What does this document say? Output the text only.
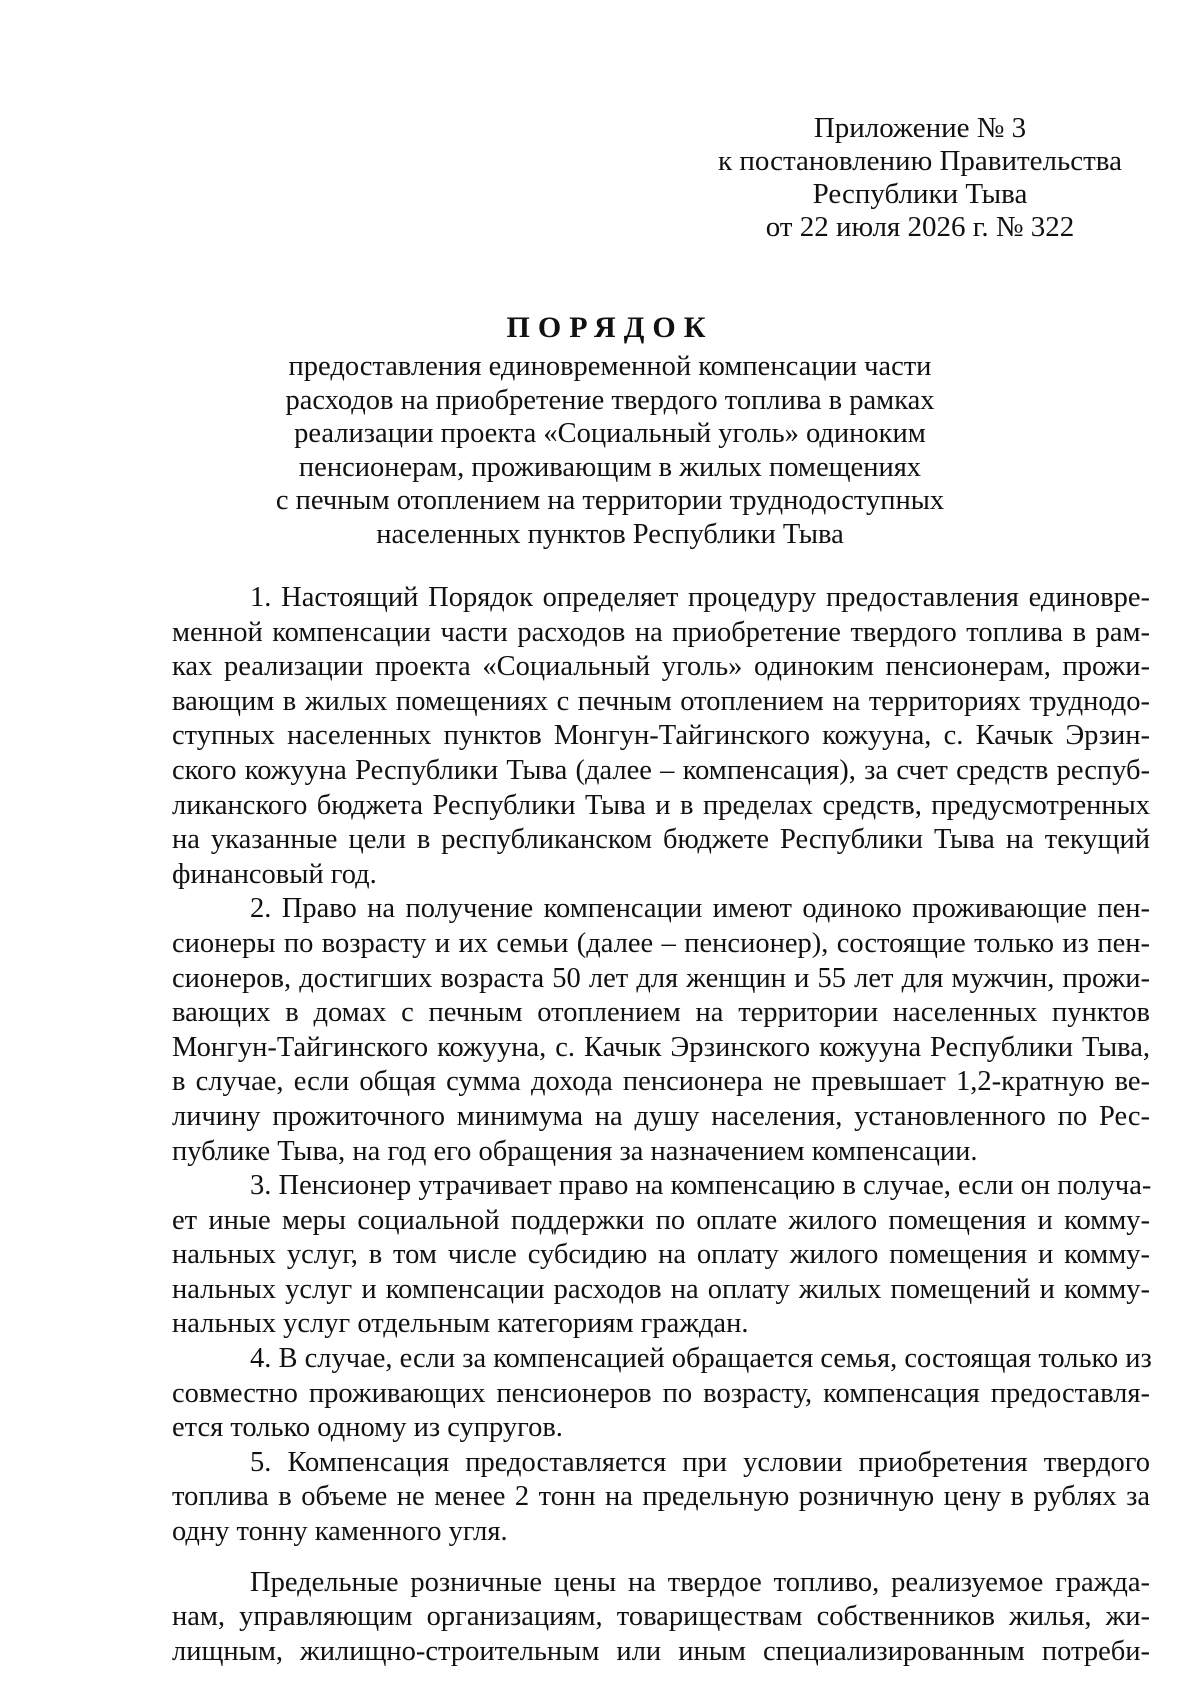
Приложение № 3
к постановлению Правительства
Республики Тыва
от 22 июля 2026 г. № 322
ПОРЯДОК
предоставления единовременной компенсации части
расходов на приобретение твердого топлива в рамках
реализации проекта «Социальный уголь» одиноким
пенсионерам, проживающим в жилых помещениях
с печным отоплением на территории труднодоступных
населенных пунктов Республики Тыва
1. Настоящий Порядок определяет процедуру предоставления единовре-
менной компенсации части расходов на приобретение твердого топлива в рам-
ках реализации проекта «Социальный уголь» одиноким пенсионерам, прожи-
вающим в жилых помещениях с печным отоплением на территориях труднодо-
ступных населенных пунктов Монгун-Тайгинского кожууна, с. Качык Эрзин-
ского кожууна Республики Тыва (далее – компенсация), за счет средств респуб-
ликанского бюджета Республики Тыва и в пределах средств, предусмотренных
на указанные цели в республиканском бюджете Республики Тыва на текущий
финансовый год.
2. Право на получение компенсации имеют одиноко проживающие пен-
сионеры по возрасту и их семьи (далее – пенсионер), состоящие только из пен-
сионеров, достигших возраста 50 лет для женщин и 55 лет для мужчин, прожи-
вающих в домах с печным отоплением на территории населенных пунктов
Монгун-Тайгинского кожууна, с. Качык Эрзинского кожууна Республики Тыва,
в случае, если общая сумма дохода пенсионера не превышает 1,2-кратную ве-
личину прожиточного минимума на душу населения, установленного по Рес-
публике Тыва, на год его обращения за назначением компенсации.
3. Пенсионер утрачивает право на компенсацию в случае, если он получа-
ет иные меры социальной поддержки по оплате жилого помещения и комму-
нальных услуг, в том числе субсидию на оплату жилого помещения и комму-
нальных услуг и компенсации расходов на оплату жилых помещений и комму-
нальных услуг отдельным категориям граждан.
4. В случае, если за компенсацией обращается семья, состоящая только из
совместно проживающих пенсионеров по возрасту, компенсация предоставля-
ется только одному из супругов.
5. Компенсация предоставляется при условии приобретения твердого
топлива в объеме не менее 2 тонн на предельную розничную цену в рублях за
одну тонну каменного угля.
Предельные розничные цены на твердое топливо, реализуемое гражда-
нам, управляющим организациям, товариществам собственников жилья, жи-
лищным, жилищно-строительным или иным специализированным потреби-
